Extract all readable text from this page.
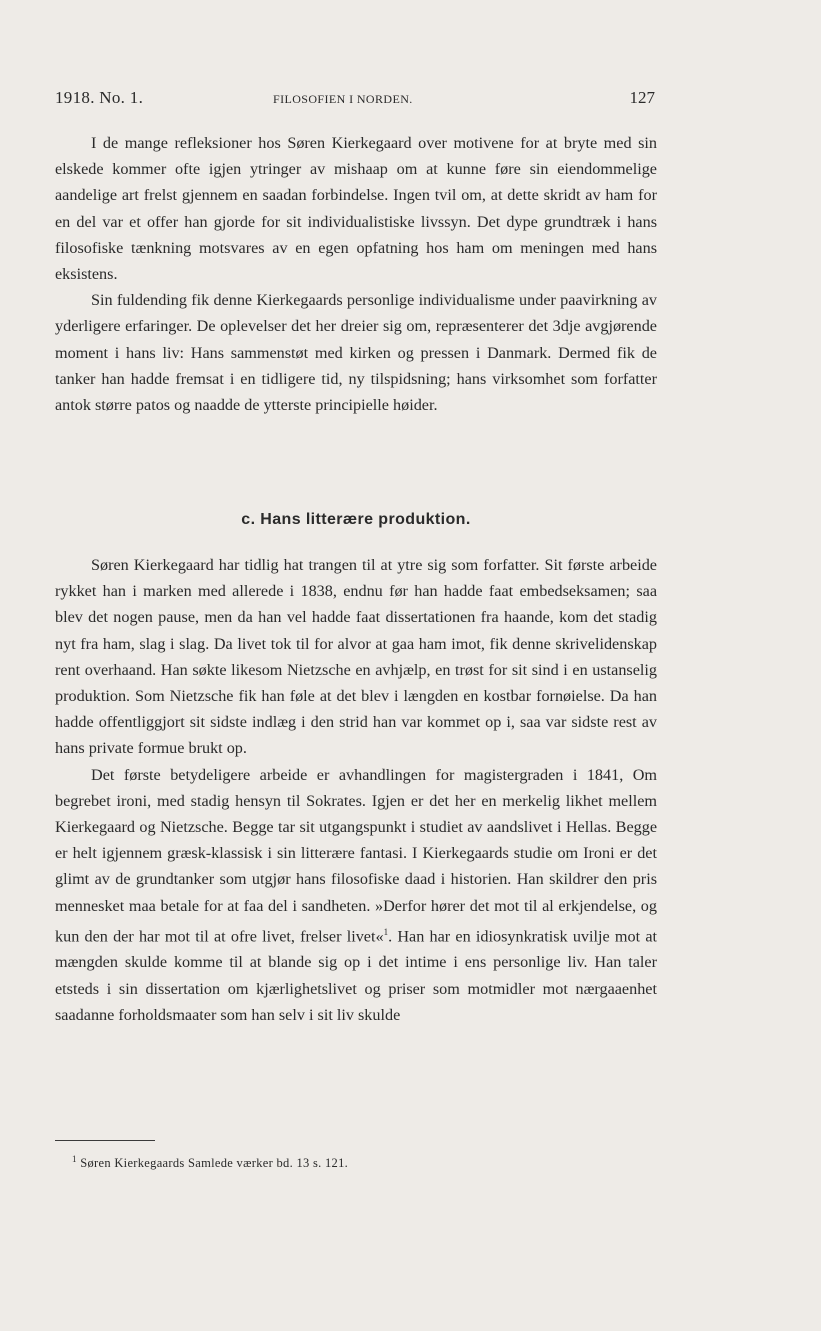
1918. No. 1.	FILOSOFIEN I NORDEN.	127

I de mange refleksioner hos Søren Kierkegaard over motivene for at bryte med sin elskede kommer ofte igjen ytringer av mishaap om at kunne føre sin eiendommelige aandelige art frelst gjennem en saadan forbindelse. Ingen tvil om, at dette skridt av ham for en del var et offer han gjorde for sit individualistiske livssyn. Det dype grundtræk i hans filosofiske tænkning motsvares av en egen opfatning hos ham om meningen med hans eksistens.

Sin fuldending fik denne Kierkegaards personlige individualisme under paavirkning av yderligere erfaringer. De oplevelser det her dreier sig om, repræsenterer det 3dje avgjørende moment i hans liv: Hans sammenstøt med kirken og pressen i Danmark. Dermed fik de tanker han hadde fremsat i en tidligere tid, ny tilspidsning; hans virksomhet som forfatter antok større patos og naadde de ytterste principielle høider.

c. Hans litterære produktion.

Søren Kierkegaard har tidlig hat trangen til at ytre sig som forfatter. Sit første arbeide rykket han i marken med allerede i 1838, endnu før han hadde faat embedseksamen; saa blev det nogen pause, men da han vel hadde faat dissertationen fra haande, kom det stadig nyt fra ham, slag i slag. Da livet tok til for alvor at gaa ham imot, fik denne skrivelidenskap rent overhaand. Han søkte likesom Nietzsche en avhjælp, en trøst for sit sind i en ustanselig produktion. Som Nietzsche fik han føle at det blev i længden en kostbar fornøielse. Da han hadde offentliggjort sit sidste indlæg i den strid han var kommet op i, saa var sidste rest av hans private formue brukt op.

Det første betydeligere arbeide er avhandlingen for magistergraden i 1841, Om begrebet ironi, med stadig hensyn til Sokrates. Igjen er det her en merkelig likhet mellem Kierkegaard og Nietzsche. Begge tar sit utgangspunkt i studiet av aandslivet i Hellas. Begge er helt igjennem græsk-klassisk i sin litterære fantasi. I Kierkegaards studie om Ironi er det glimt av de grundtanker som utgjør hans filosofiske daad i historien. Han skildrer den pris mennesket maa betale for at faa del i sandheten. »Derfor hører det mot til al erkjendelse, og kun den der har mot til at ofre livet, frelser livet«$^1$. Han har en idiosynkratisk uvilje mot at mængden skulde komme til at blande sig op i det intime i ens personlige liv. Han taler etsteds i sin dissertation om kjærlighetslivet og priser som motmidler mot nærgaaenhet saadanne forholdsmaater som han selv i sit liv skulde

$^1$ Søren Kierkegaards Samlede værker bd. 13 s. 121.
